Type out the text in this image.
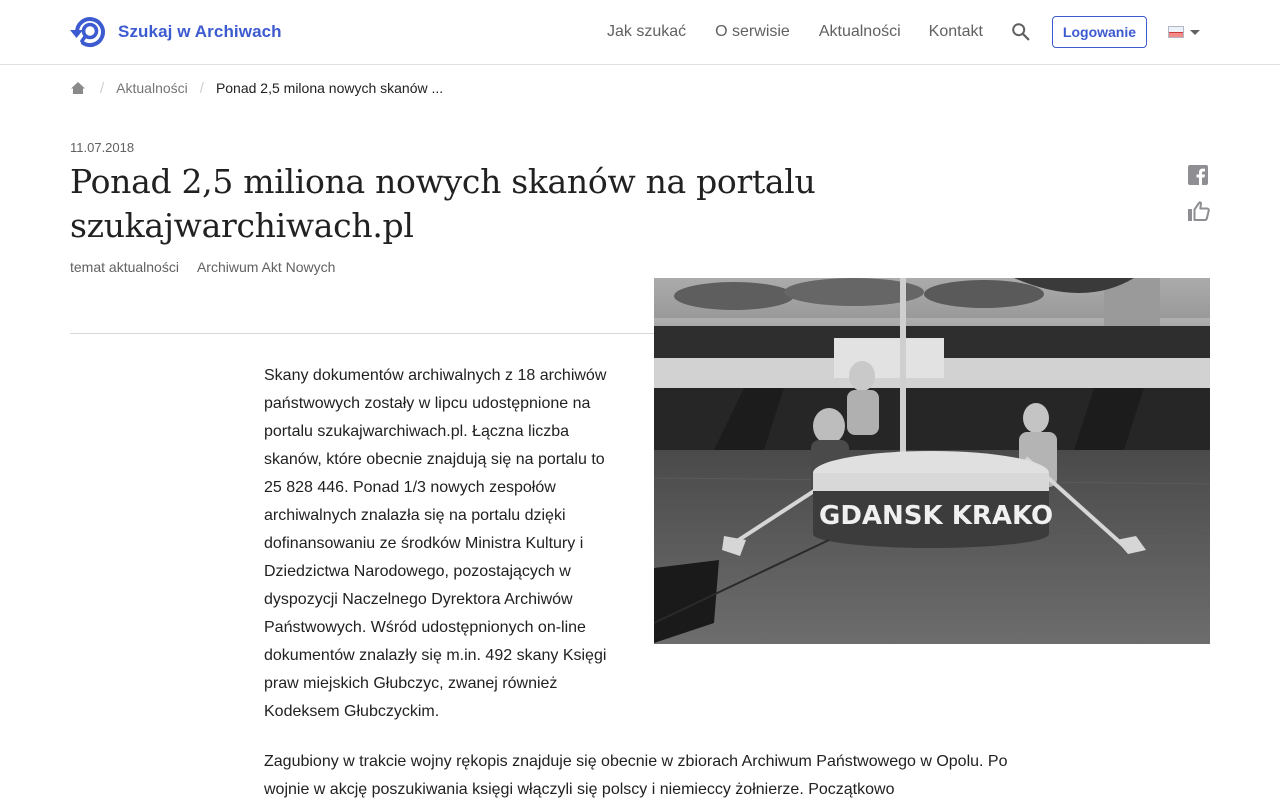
Szukaj w Archiwach	Jak szukać O serwisie Aktualności Kontakt	Logowanie
/ Aktualności / Ponad 2,5 milona nowych skanów ...
11.07.2018
Ponad 2,5 miliona nowych skanów na portalu szukajwarchiwach.pl
temat aktualności Archiwum Akt Nowych
GDANSK KRAKO

Skany dokumentów archiwalnych z 18 archiwów państwowych zostały w lipcu udostępnione na portalu szukajwarchiwach.pl. Łączna liczba skanów, które obecnie znajdują się na portalu to 25 828 446. Ponad 1/3 nowych zespołów archiwalnych znalazła się na portalu dzięki dofinansowaniu ze środków Ministra Kultury i Dziedzictwa Narodowego, pozostających w dyspozycji Naczelnego Dyrektora Archiwów Państwowych. Wśród udostępnionych on-line dokumentów znalazły się m.in. 492 skany Księgi praw miejskich Głubczyc, zwanej również Kodeksem Głubczyckim.

Zagubiony w trakcie wojny rękopis znajduje się obecnie w zbiorach Archiwum Państwowego w Opolu. Po wojnie w akcję poszukiwania księgi włączyli się polscy i niemieccy żołnierze. Początkowo
